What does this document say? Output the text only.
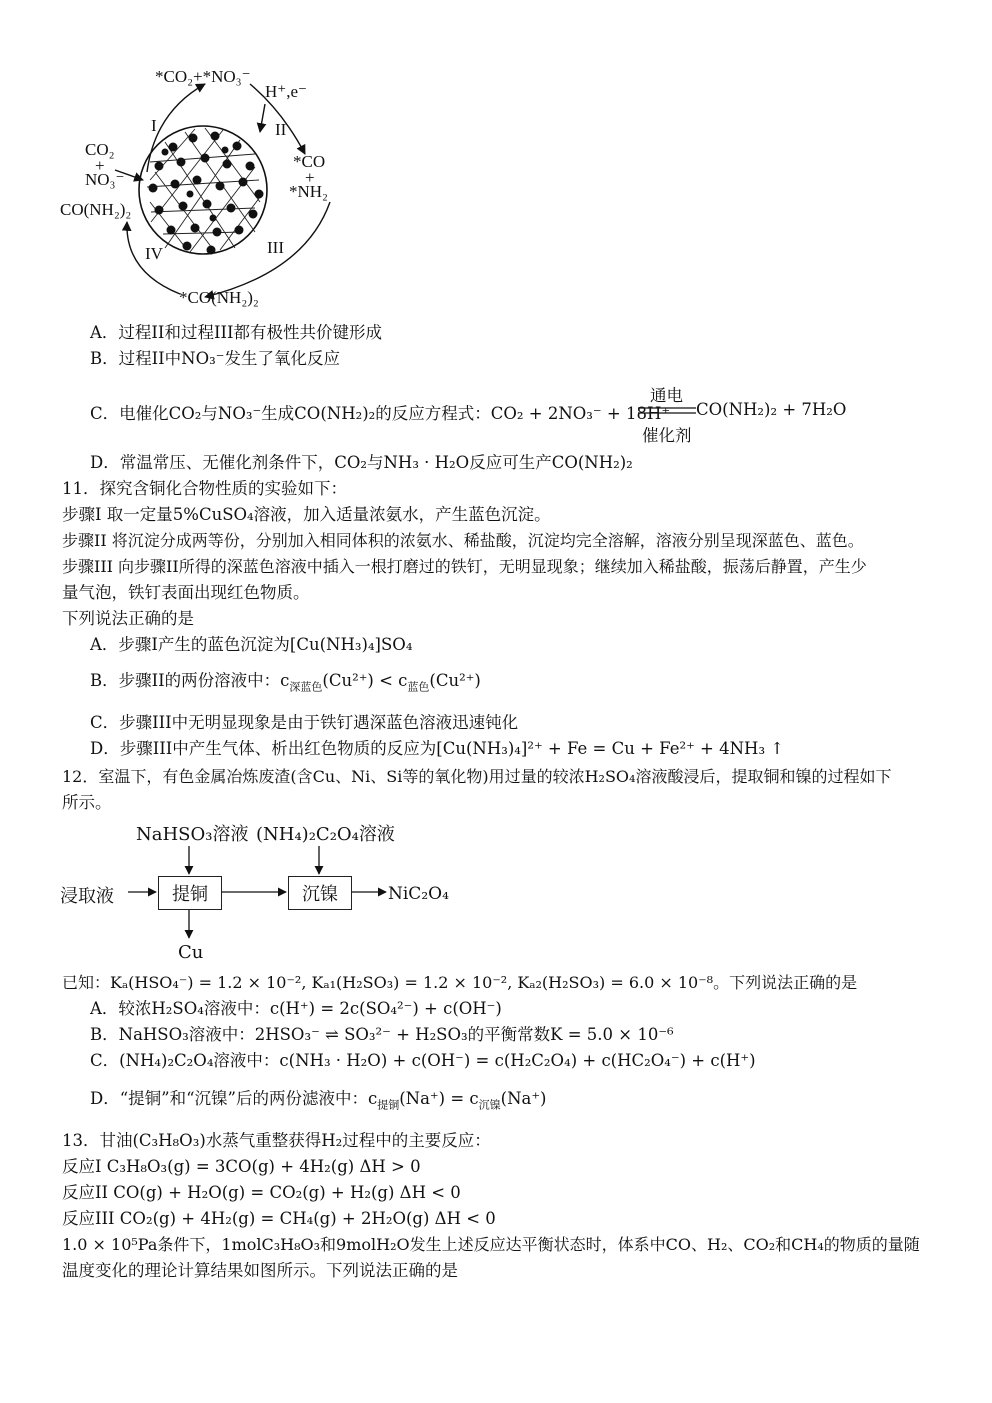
*CO₂+*NO₃⁻
H⁺,e⁻
I	II
III
IV
CO₂
+
NO₃⁻
CO(NH₂)₂
*CO
+
*NH₂
*CO(NH₂)₂
A．过程II和过程III都有极性共价键形成
B．过程II中NO₃⁻发生了氧化反应
C．电催化CO₂与NO₃⁻生成CO(NH₂)₂的反应方程式：CO₂ + 2NO₃⁻ + 18H⁺
通电
催化剂
CO(NH₂)₂ + 7H₂O
D．常温常压、无催化剂条件下，CO₂与NH₃ · H₂O反应可生产CO(NH₂)₂
11．探究含铜化合物性质的实验如下：
步骤I 取一定量5%CuSO₄溶液，加入适量浓氨水，产生蓝色沉淀。
步骤II 将沉淀分成两等份，分别加入相同体积的浓氨水、稀盐酸，沉淀均完全溶解，溶液分别呈现深蓝色、蓝色。
步骤III 向步骤II所得的深蓝色溶液中插入一根打磨过的铁钉，无明显现象；继续加入稀盐酸，振荡后静置，产生少
量气泡，铁钉表面出现红色物质。
下列说法正确的是
A．步骤I产生的蓝色沉淀为[Cu(NH₃)₄]SO₄
B．步骤II的两份溶液中：$c_{深蓝色}(Cu^{2+}) < c_{蓝色}(Cu^{2+})$
C．步骤III中无明显现象是由于铁钉遇深蓝色溶液迅速钝化
D．步骤III中产生气体、析出红色物质的反应为[Cu(NH₃)₄]²⁺ + Fe = Cu + Fe²⁺ + 4NH₃ ↑
12．室温下，有色金属冶炼废渣(含Cu、Ni、Si等的氧化物)用过量的较浓H₂SO₄溶液酸浸后，提取铜和镍的过程如下
所示。
NaHSO₃溶液 (NH₄)₂C₂O₄溶液
浸取液	提铜	沉镍	NiC₂O₄
Cu
已知：Kₐ(HSO₄⁻) = 1.2 × 10⁻², Kₐ₁(H₂SO₃) = 1.2 × 10⁻², Kₐ₂(H₂SO₃) = 6.0 × 10⁻⁸。下列说法正确的是
A．较浓H₂SO₄溶液中：c(H⁺) = 2c(SO₄²⁻) + c(OH⁻)
B．NaHSO₃溶液中：2HSO₃⁻ ⇌ SO₃²⁻ + H₂SO₃的平衡常数K = 5.0 × 10⁻⁶
C．(NH₄)₂C₂O₄溶液中：c(NH₃ · H₂O) + c(OH⁻) = c(H₂C₂O₄) + c(HC₂O₄⁻) + c(H⁺)
D．“提铜”和“沉镍”后的两份滤液中：$c_{提铜}(Na^+) = c_{沉镍}(Na^+)$
13．甘油(C₃H₈O₃)水蒸气重整获得H₂过程中的主要反应：
反应I C₃H₈O₃(g) = 3CO(g) + 4H₂(g) ΔH > 0
反应II CO(g) + H₂O(g) = CO₂(g) + H₂(g) ΔH < 0
反应III CO₂(g) + 4H₂(g) = CH₄(g) + 2H₂O(g) ΔH < 0
1.0 × 10⁵Pa条件下，1molC₃H₈O₃和9molH₂O发生上述反应达平衡状态时，体系中CO、H₂、CO₂和CH₄的物质的量随
温度变化的理论计算结果如图所示。下列说法正确的是
